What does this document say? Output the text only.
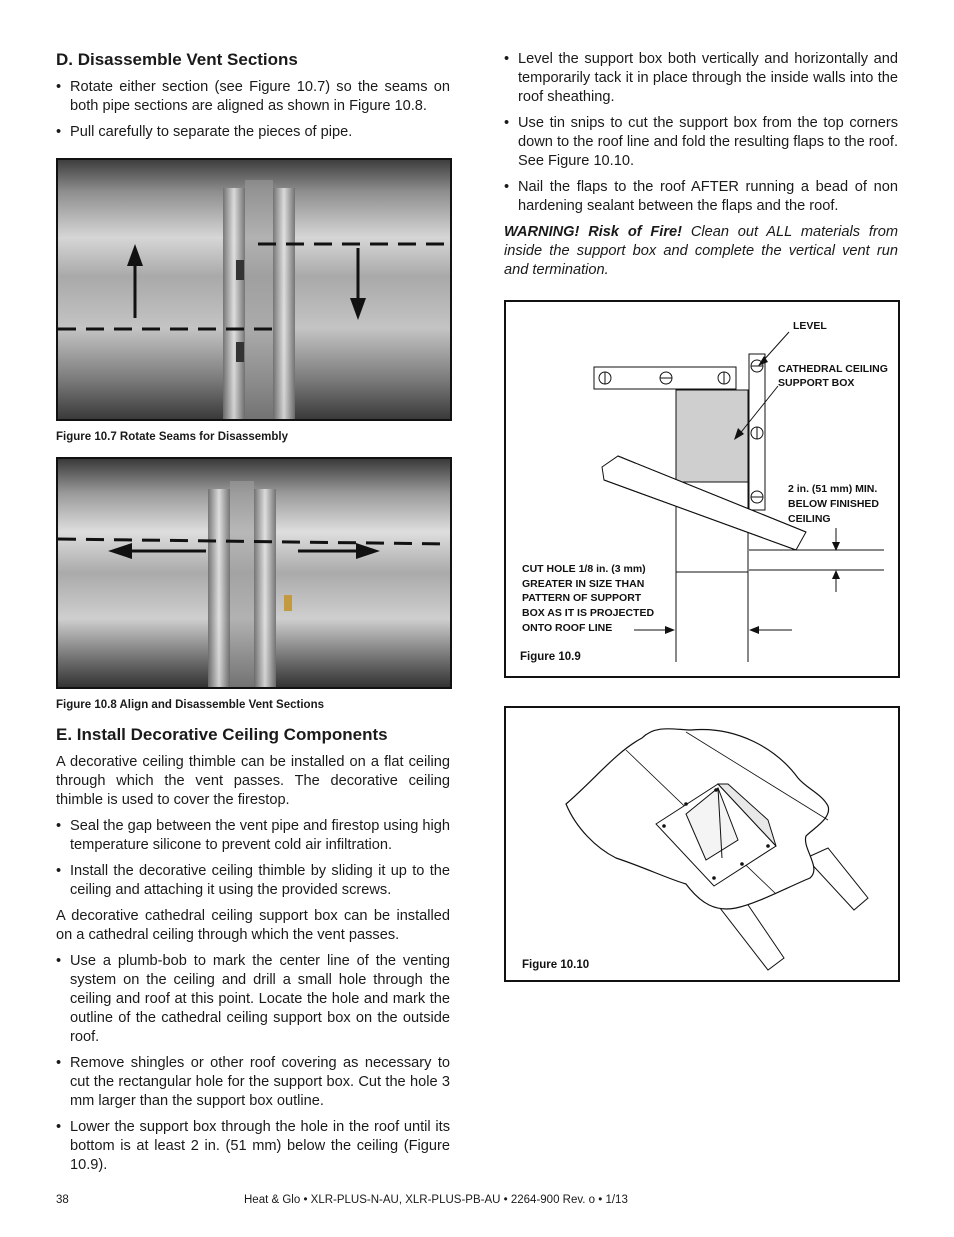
D. Disassemble Vent Sections
• Rotate either section (see Figure 10.7) so the seams on both pipe sections are aligned as shown in Figure 10.8.
• Pull carefully to separate the pieces of pipe.
Figure 10.7 Rotate Seams for Disassembly
Figure 10.8 Align and Disassemble Vent Sections
E. Install Decorative Ceiling Components

A decorative ceiling thimble can be installed on a flat ceiling through which the vent passes. The decorative ceiling thimble is used to cover the firestop.

• Seal the gap between the vent pipe and firestop using high temperature silicone to prevent cold air infiltration.
• Install the decorative ceiling thimble by sliding it up to the ceiling and attaching it using the provided screws.

A decorative cathedral ceiling support box can be installed on a cathedral ceiling through which the vent passes.

• Use a plumb-bob to mark the center line of the venting system on the ceiling and drill a small hole through the ceiling and roof at this point. Locate the hole and mark the outline of the cathedral ceiling support box on the outside roof.
• Remove shingles or other roof covering as necessary to cut the rectangular hole for the support box. Cut the hole 3 mm larger than the support box outline.
• Lower the support box through the hole in the roof until its bottom is at least 2 in. (51 mm) below the ceiling (Figure 10.9).
• Level the support box both vertically and horizontally and temporarily tack it in place through the inside walls into the roof sheathing.
• Use tin snips to cut the support box from the top corners down to the roof line and fold the resulting flaps to the roof. See Figure 10.10.
• Nail the flaps to the roof AFTER running a bead of non hardening sealant between the flaps and the roof.

WARNING! Risk of Fire! Clean out ALL materials from inside the support box and complete the vertical vent run and termination.

LEVEL
CATHEDRAL CEILING
SUPPORT BOX
2 in. (51 mm) MIN.
BELOW FINISHED
CEILING
CUT HOLE 1/8 in. (3 mm)
GREATER IN SIZE THAN
PATTERN OF SUPPORT
BOX AS IT IS PROJECTED
ONTO ROOF LINE
Figure 10.9
Figure 10.10
38	Heat & Glo • XLR-PLUS-N-AU, XLR-PLUS-PB-AU • 2264-900 Rev. o • 1/13
